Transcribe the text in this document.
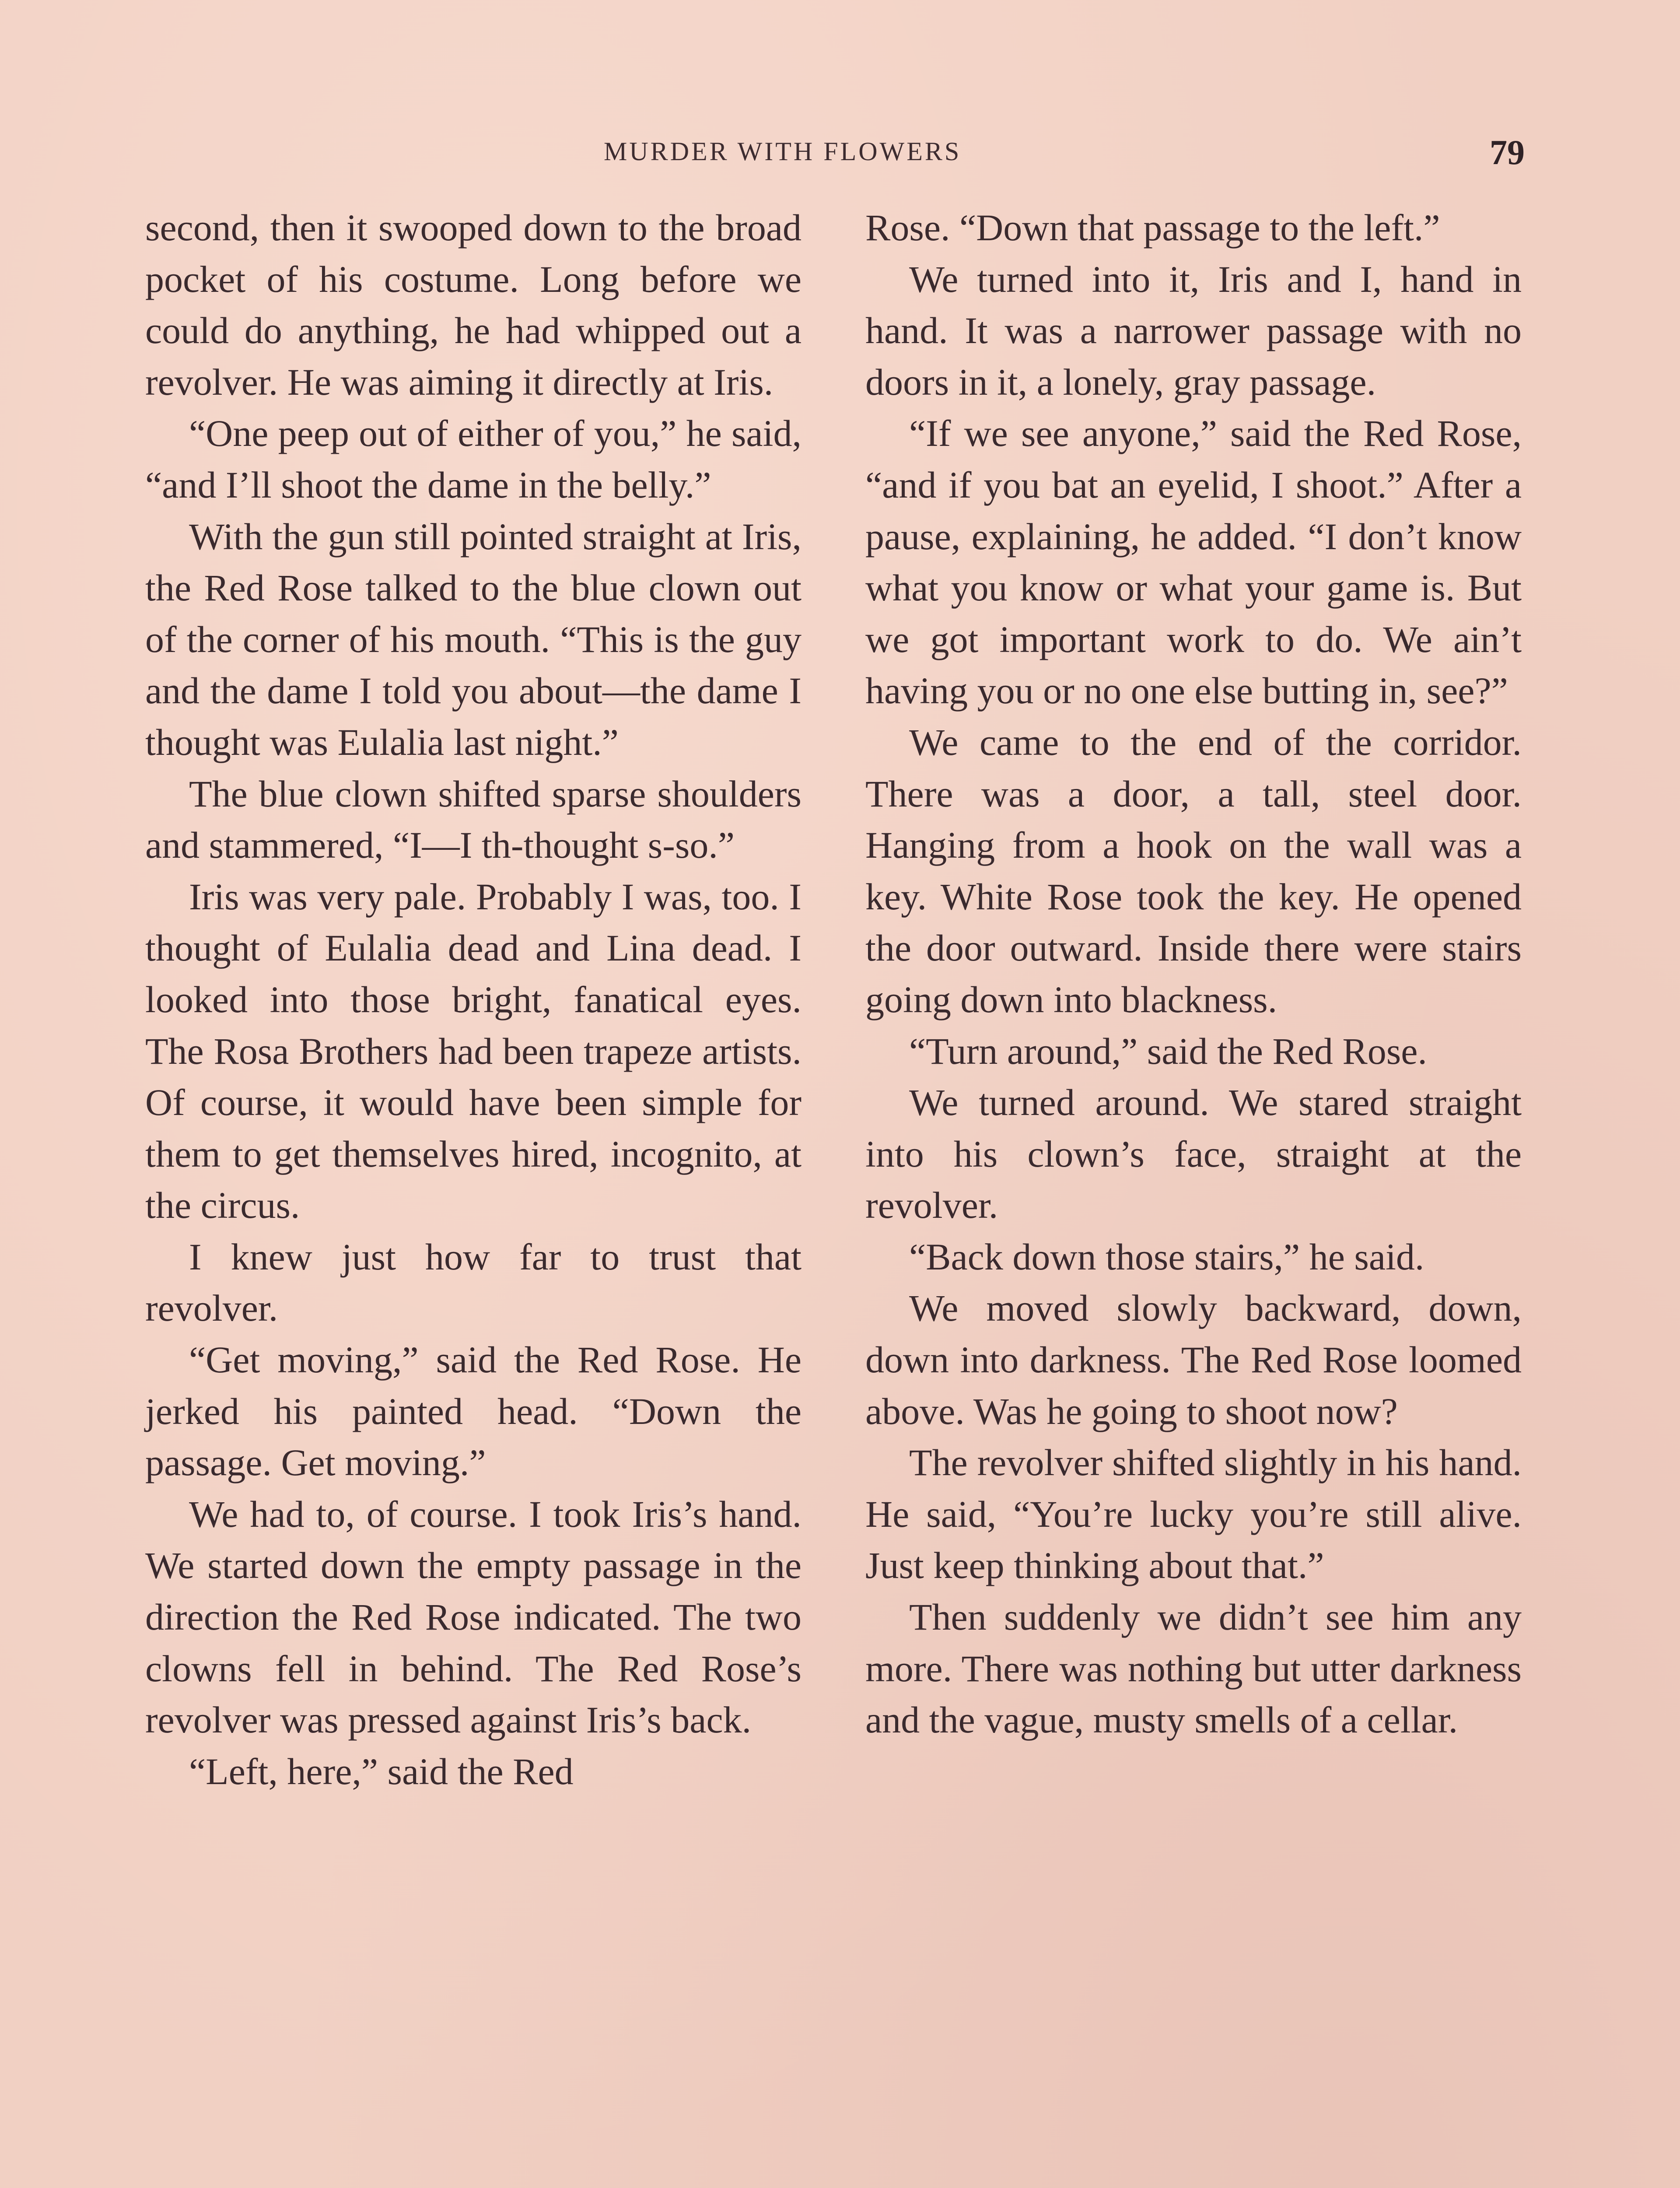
MURDER WITH FLOWERS	79

second, then it swooped down to the broad pocket of his costume. Long before we could do anything, he had whipped out a revolver. He was aiming it directly at Iris.

“One peep out of either of you,” he said, “and I’ll shoot the dame in the belly.”

With the gun still pointed straight at Iris, the Red Rose talked to the blue clown out of the corner of his mouth. “This is the guy and the dame I told you about—the dame I thought was Eulalia last night.”

The blue clown shifted sparse shoulders and stammered, “I—I th-thought s-so.”

Iris was very pale. Probably I was, too. I thought of Eulalia dead and Lina dead. I looked into those bright, fanatical eyes. The Rosa Brothers had been trapeze artists. Of course, it would have been simple for them to get themselves hired, incognito, at the circus.

I knew just how far to trust that revolver.

“Get moving,” said the Red Rose. He jerked his painted head. “Down the passage. Get moving.”

We had to, of course. I took Iris’s hand. We started down the empty passage in the direction the Red Rose indicated. The two clowns fell in behind. The Red Rose’s revolver was pressed against Iris’s back.

“Left, here,” said the Red

Rose. “Down that passage to the left.”

We turned into it, Iris and I, hand in hand. It was a narrower passage with no doors in it, a lonely, gray passage.

“If we see anyone,” said the Red Rose, “and if you bat an eyelid, I shoot.” After a pause, explaining, he added. “I don’t know what you know or what your game is. But we got important work to do. We ain’t having you or no one else butting in, see?”

We came to the end of the corridor. There was a door, a tall, steel door. Hanging from a hook on the wall was a key. White Rose took the key. He opened the door outward. Inside there were stairs going down into blackness.

“Turn around,” said the Red Rose.

We turned around. We stared straight into his clown’s face, straight at the revolver.

“Back down those stairs,” he said.

We moved slowly backward, down, down into darkness. The Red Rose loomed above. Was he going to shoot now?

The revolver shifted slightly in his hand. He said, “You’re lucky you’re still alive. Just keep thinking about that.”

Then suddenly we didn’t see him any more. There was nothing but utter darkness and the vague, musty smells of a cellar.
